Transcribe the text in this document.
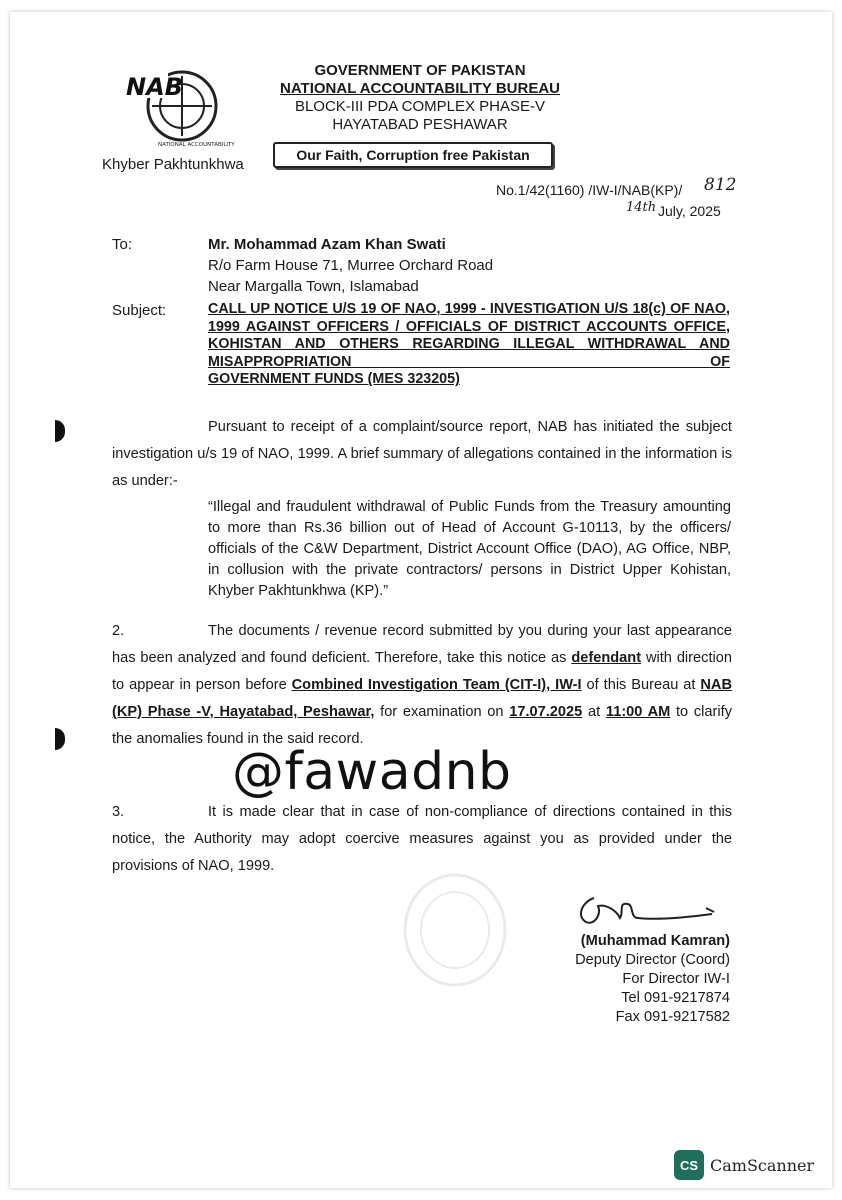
NAB
NATIONAL ACCOUNTABILITY
Khyber Pakhtunkhwa
GOVERNMENT OF PAKISTAN
NATIONAL ACCOUNTABILITY BUREAU
BLOCK-III PDA COMPLEX PHASE-V
HAYATABAD PESHAWAR
Our Faith, Corruption free Pakistan
No.1/42(1160) /IW-I/NAB(KP)/ 812
14th July, 2025
To:	Mr. Mohammad Azam Khan Swati
R/o Farm House 71, Murree Orchard Road
Near Margalla Town, Islamabad
Subject:	CALL UP NOTICE U/S 19 OF NAO, 1999 - INVESTIGATION U/S 18(c) OF NAO, 1999 AGAINST OFFICERS / OFFICIALS OF DISTRICT ACCOUNTS OFFICE, KOHISTAN AND OTHERS REGARDING ILLEGAL WITHDRAWAL AND MISAPPROPRIATION OF
GOVERNMENT FUNDS (MES 323205)
Pursuant to receipt of a complaint/source report, NAB has initiated the subject investigation u/s 19 of NAO, 1999. A brief summary of allegations contained in the information is as under:-
“Illegal and fraudulent withdrawal of Public Funds from the Treasury amounting to more than Rs.36 billion out of Head of Account G-10113, by the officers/ officials of the C&W Department, District Account Office (DAO), AG Office, NBP, in collusion with the private contractors/ persons in District Upper Kohistan, Khyber Pakhtunkhwa (KP).”
2.	The documents / revenue record submitted by you during your last appearance has been analyzed and found deficient. Therefore, take this notice as defendant with direction to appear in person before Combined Investigation Team (CIT-I), IW-I of this Bureau at NAB (KP) Phase -V, Hayatabad, Peshawar, for examination on 17.07.2025 at 11:00 AM to clarify the anomalies found in the said record.
3.	It is made clear that in case of non-compliance of directions contained in this notice, the Authority may adopt coercive measures against you as provided under the provisions of NAO, 1999.
(Muhammad Kamran)
Deputy Director (Coord)
For Director IW-I
Tel 091-9217874
Fax 091-9217582
@fawadnb
CS CamScanner
